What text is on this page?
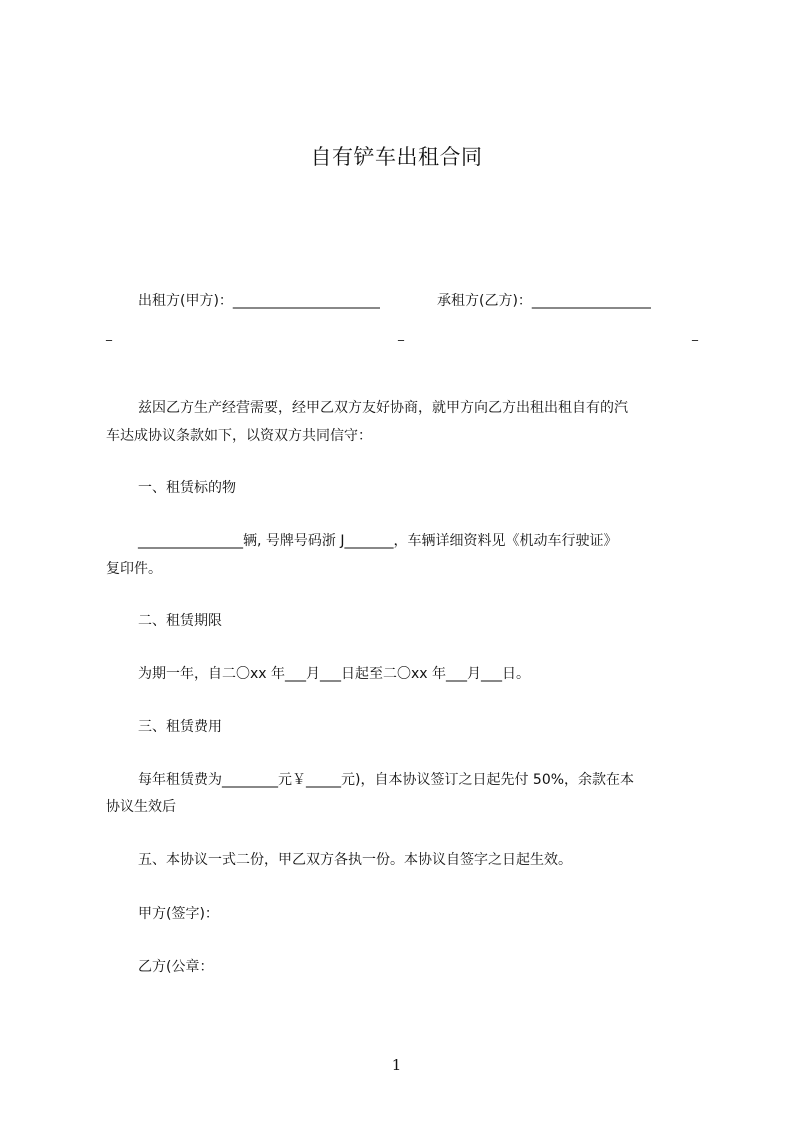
自有铲车出租合同
出租方(甲方)：_____________________	承租方(乙方)：_________________
_	_	_
兹因乙方生产经营需要，经甲乙双方友好协商，就甲方向乙方出租出租自有的汽
车达成协议条款如下，以资双方共同信守：
一、租赁标的物
_______________辆, 号牌号码浙 J_______，车辆详细资料见《机动车行驶证》
复印件。
二、租赁期限
为期一年，自二〇xx 年___月___日起至二〇xx 年___月___日。
三、租赁费用
每年租赁费为________元￥_____元)，自本协议签订之日起先付 50%，余款在本
协议生效后
五、本协议一式二份，甲乙双方各执一份。本协议自签字之日起生效。
甲方(签字)：
乙方(公章：
1
